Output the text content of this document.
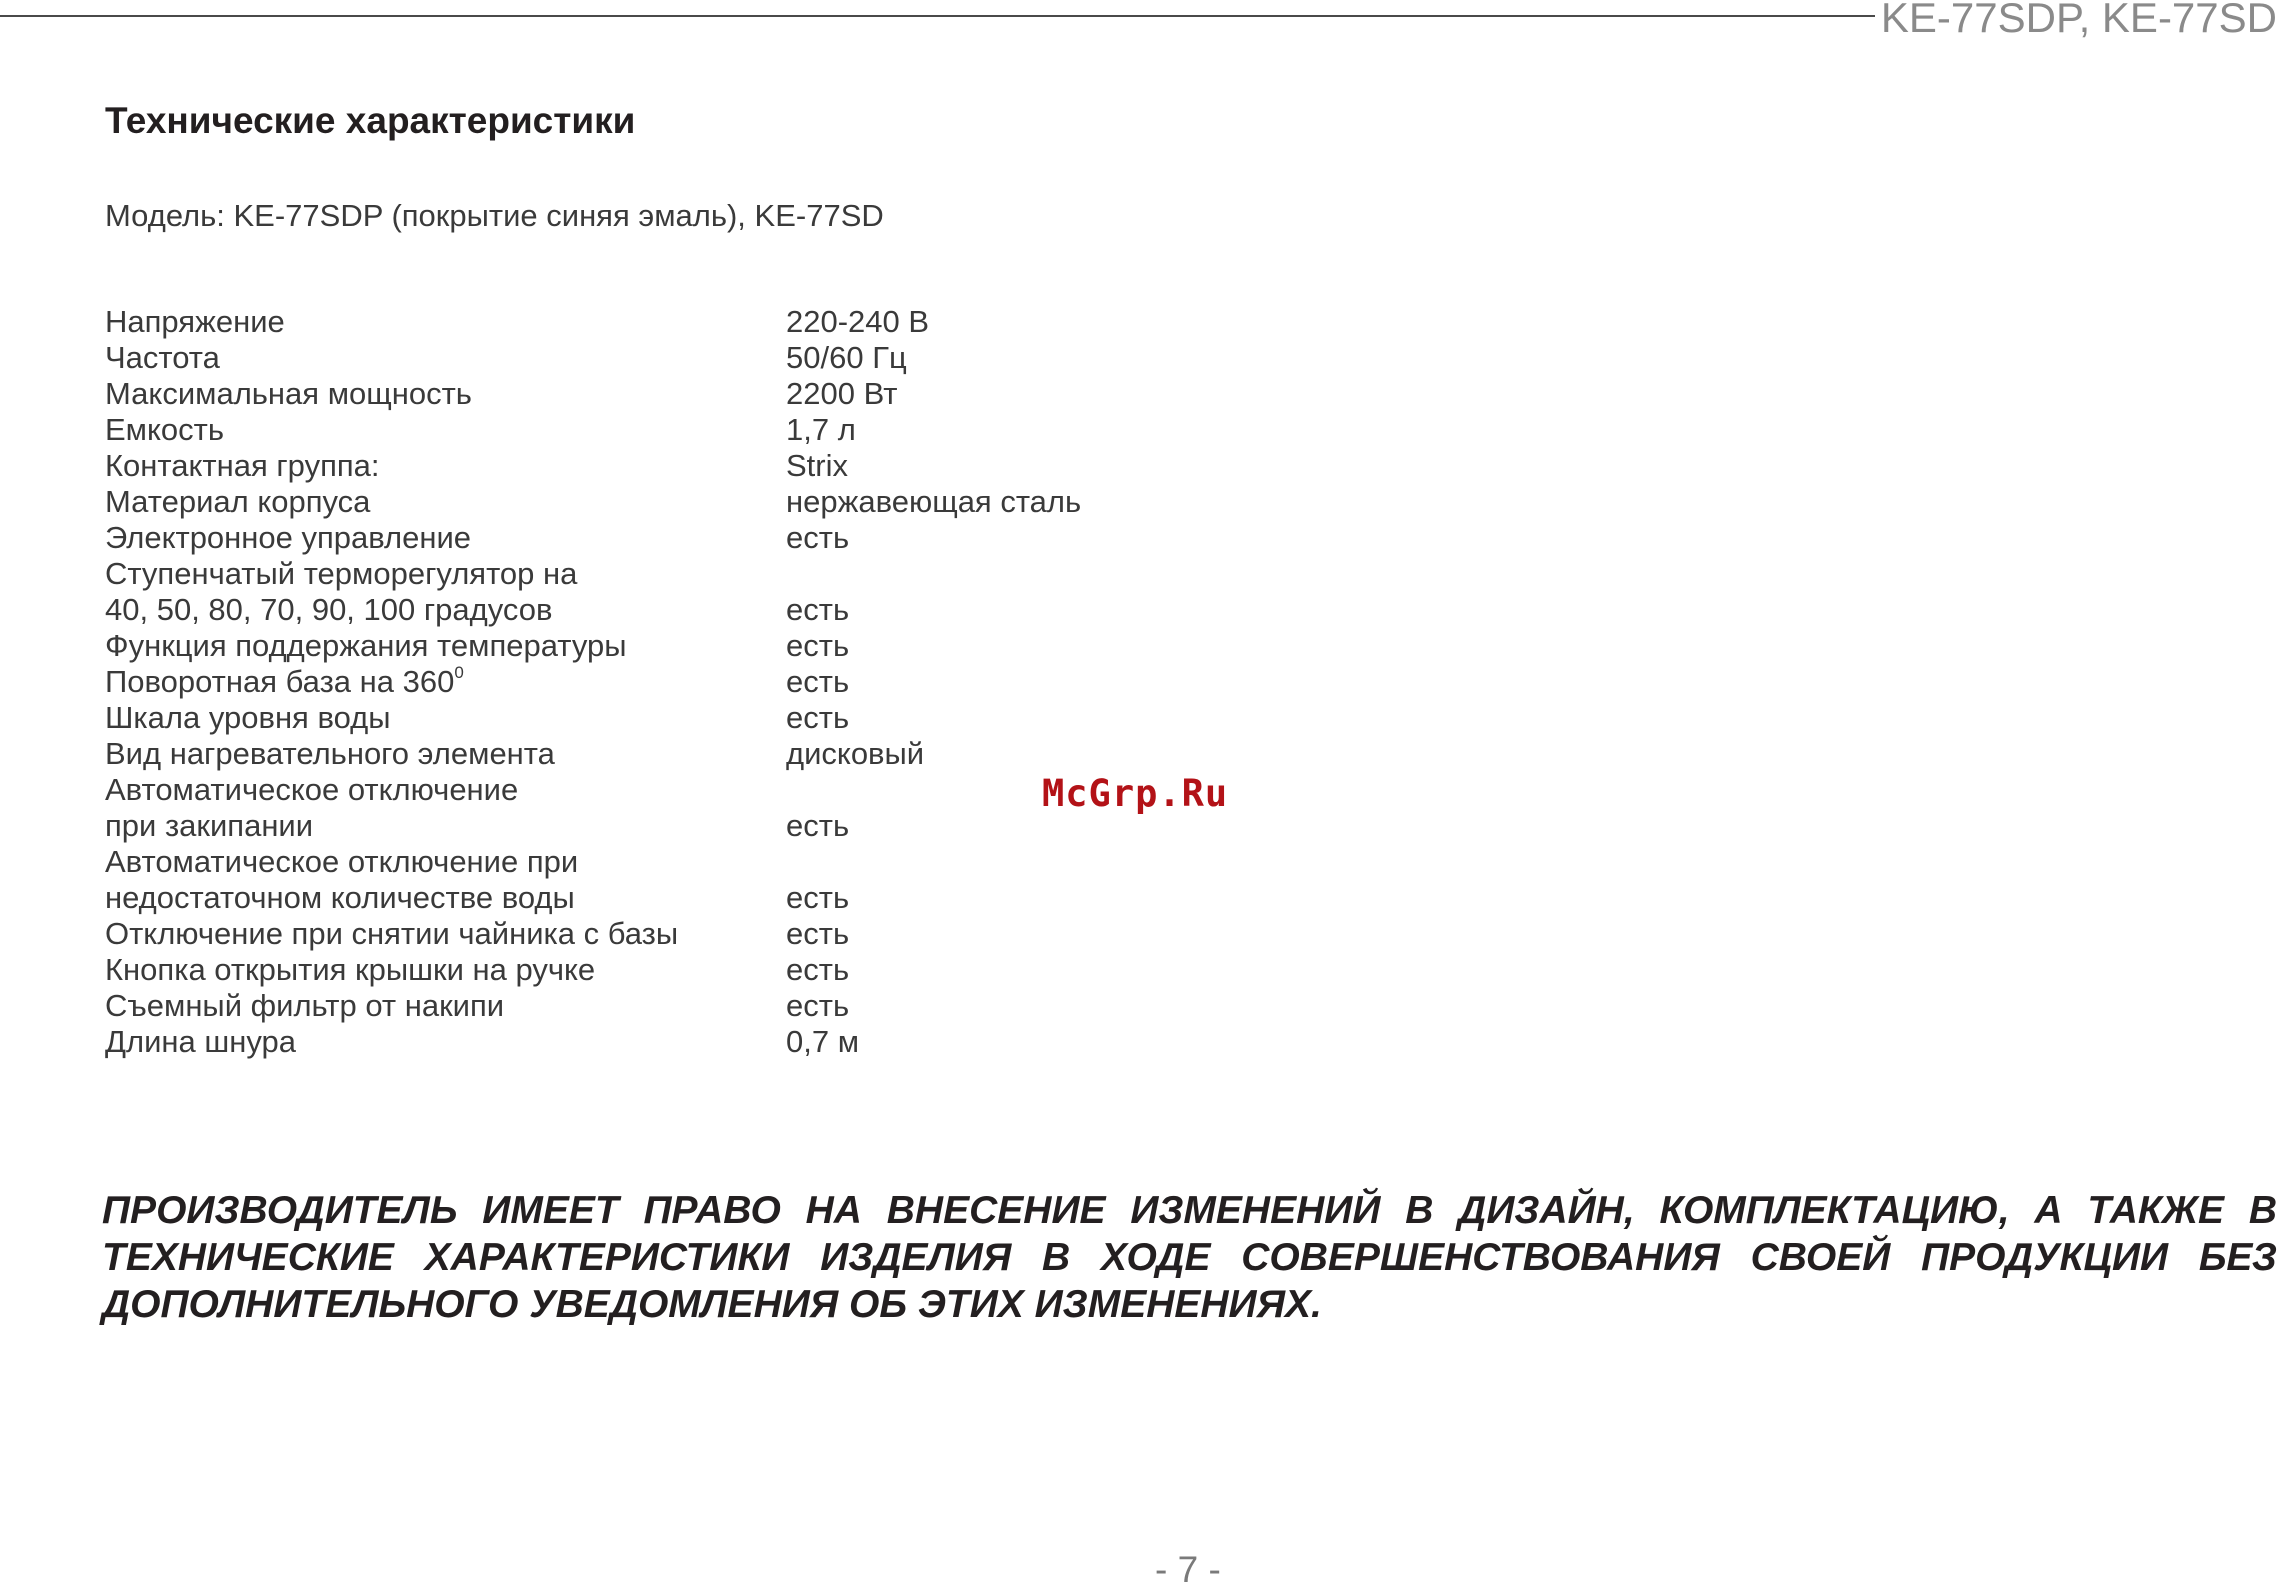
KE-77SDP, KE-77SD
Технические характеристики
Модель: KE-77SDP (покрытие синяя эмаль), KE-77SD
Напряжение	220-240 В
Частота	50/60 Гц
Максимальная мощность	2200 Вт
Емкость	1,7 л
Контактная группа:	Strix
Материал корпуса	нержавеющая сталь
Электронное управление	есть
Ступенчатый терморегулятор на
40, 50, 80, 70, 90, 100 градусов	есть
Функция поддержания температуры	есть
Поворотная база на $360^0$	есть
Шкала уровня воды	есть
Вид нагревательного элемента	дисковый
Автоматическое отключение
при закипании	есть
Автоматическое отключение при
недостаточном количестве воды	есть
Отключение при снятии чайника с базы	есть
Кнопка открытия крышки на ручке	есть
Съемный фильтр от накипи	есть
Длина шнура	0,7 м
McGrp.Ru
ПРОИЗВОДИТЕЛЬ ИМЕЕТ ПРАВО НА ВНЕСЕНИЕ ИЗМЕНЕНИЙ В ДИЗАЙН, КОМПЛЕКТАЦИЮ, А ТАКЖЕ В ТЕХНИЧЕСКИЕ ХАРАКТЕРИСТИКИ ИЗДЕЛИЯ В ХОДЕ СОВЕРШЕНСТВОВАНИЯ СВОЕЙ ПРОДУКЦИИ БЕЗ ДОПОЛНИТЕЛЬНОГО УВЕДОМЛЕНИЯ ОБ ЭТИХ ИЗМЕНЕНИЯХ.
- 7 -
